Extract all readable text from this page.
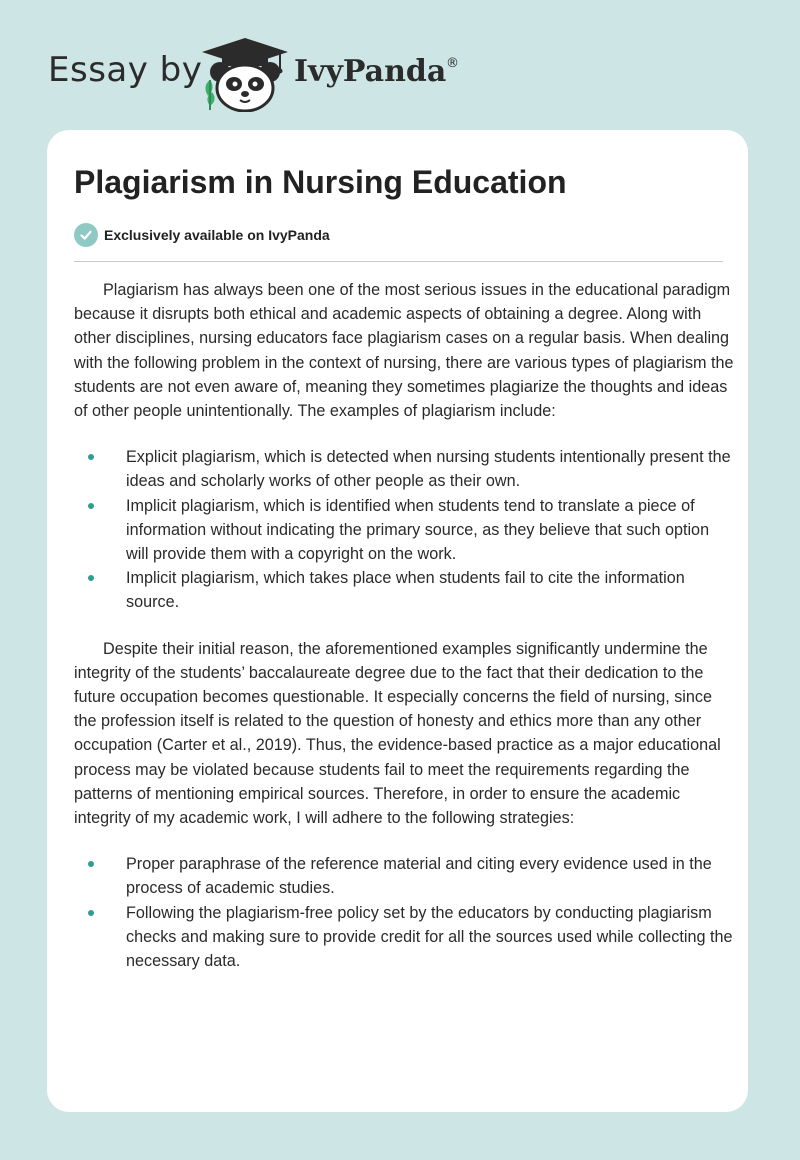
Essay by	IvyPanda ®
Plagiarism in Nursing Education
Exclusively available on IvyPanda

Plagiarism has always been one of the most serious issues in the educational paradigm because it disrupts both ethical and academic aspects of obtaining a degree. Along with other disciplines, nursing educators face plagiarism cases on a regular basis. When dealing with the following problem in the context of nursing, there are various types of plagiarism the students are not even aware of, meaning they sometimes plagiarize the thoughts and ideas of other people unintentionally. The examples of plagiarism include:

Explicit plagiarism, which is detected when nursing students intentionally present the ideas and scholarly works of other people as their own.
Implicit plagiarism, which is identified when students tend to translate a piece of information without indicating the primary source, as they believe that such option will provide them with a copyright on the work.
Implicit plagiarism, which takes place when students fail to cite the information source.

Despite their initial reason, the aforementioned examples significantly undermine the integrity of the students’ baccalaureate degree due to the fact that their dedication to the future occupation becomes questionable. It especially concerns the field of nursing, since the profession itself is related to the question of honesty and ethics more than any other occupation (Carter et al., 2019). Thus, the evidence-based practice as a major educational process may be violated because students fail to meet the requirements regarding the patterns of mentioning empirical sources. Therefore, in order to ensure the academic integrity of my academic work, I will adhere to the following strategies:

Proper paraphrase of the reference material and citing every evidence used in the process of academic studies.
Following the plagiarism-free policy set by the educators by conducting plagiarism checks and making sure to provide credit for all the sources used while collecting the necessary data.
